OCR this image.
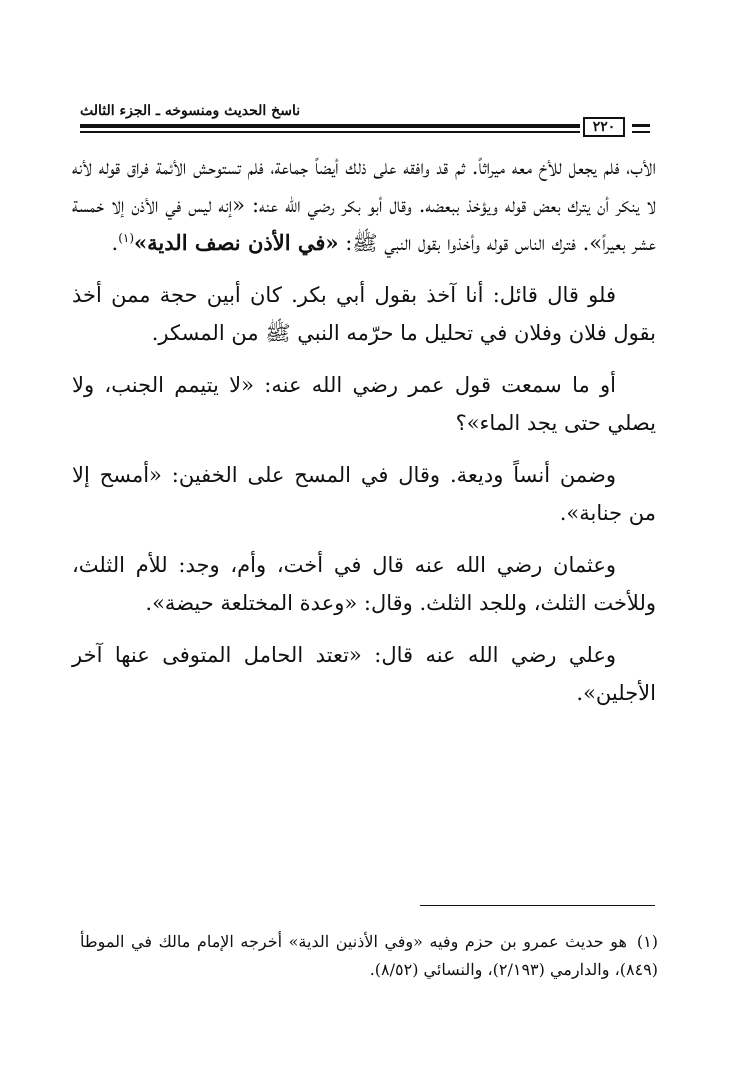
ناسخ الحديث ومنسوخه ـ الجزء الثالث
٢٢٠

الأب، فلم يجعل للأخ معه ميراثاً. ثم قد وافقه على ذلك أيضاً جماعة، فلم تستوحش الأئمة فراق قوله لأنه لا ينكر أن يترك بعض قوله ويؤخذ ببعضه. وقال أبو بكر رضي الله عنه: «إنه ليس في الأذن إلا خمسة عشر بعيراً». فترك الناس قوله وأخذوا بقول النبي ﷺ: «في الأذن نصف الدية»$^{(١)}$.

فلو قال قائل: أنا آخذ بقول أبي بكر. كان أبين حجة ممن أخذ بقول فلان وفلان في تحليل ما حرّمه النبي ﷺ من المسكر.

أو ما سمعت قول عمر رضي الله عنه: «لا يتيمم الجنب، ولا يصلي حتى يجد الماء»؟

وضمن أنساً وديعة. وقال في المسح على الخفين: «أمسح إلا من جنابة».

وعثمان رضي الله عنه قال في أخت، وأم، وجد: للأم الثلث، وللأخت الثلث، وللجد الثلث. وقال: «وعدة المختلعة حيضة».

وعلي رضي الله عنه قال: «تعتد الحامل المتوفى عنها آخر الأجلين».

(١)هو حديث عمرو بن حزم وفيه «وفي الأذنين الدية» أخرجه الإمام مالك في الموطأ (٨٤٩)، والدارمي (٢/١٩٣)، والنسائي (٨/٥٢).
